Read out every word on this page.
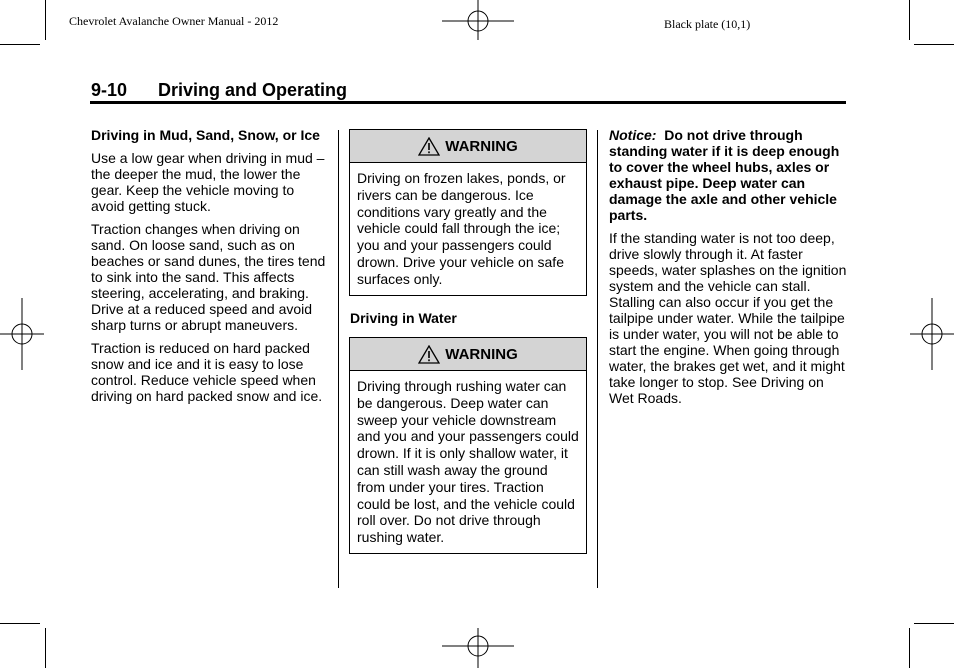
Chevrolet Avalanche Owner Manual - 2012	Black plate (10,1)
9-10 Driving and Operating
Driving in Mud, Sand, Snow, or Ice

Use a low gear when driving in mud – the deeper the mud, the lower the gear. Keep the vehicle moving to avoid getting stuck.

Traction changes when driving on sand. On loose sand, such as on beaches or sand dunes, the tires tend to sink into the sand. This affects steering, accelerating, and braking. Drive at a reduced speed and avoid sharp turns or abrupt maneuvers.

Traction is reduced on hard packed snow and ice and it is easy to lose control. Reduce vehicle speed when driving on hard packed snow and ice.

WARNING
Driving on frozen lakes, ponds, or rivers can be dangerous. Ice conditions vary greatly and the vehicle could fall through the ice; you and your passengers could drown. Drive your vehicle on safe surfaces only.
Driving in Water
WARNING
Driving through rushing water can be dangerous. Deep water can sweep your vehicle downstream and you and your passengers could drown. If it is only shallow water, it can still wash away the ground from under your tires. Traction could be lost, and the vehicle could roll over. Do not drive through rushing water.

Notice: Do not drive through standing water if it is deep enough to cover the wheel hubs, axles or exhaust pipe. Deep water can damage the axle and other vehicle parts.

If the standing water is not too deep, drive slowly through it. At faster speeds, water splashes on the ignition system and the vehicle can stall. Stalling can also occur if you get the tailpipe under water. While the tailpipe is under water, you will not be able to start the engine. When going through water, the brakes get wet, and it might take longer to stop. See Driving on Wet Roads.
